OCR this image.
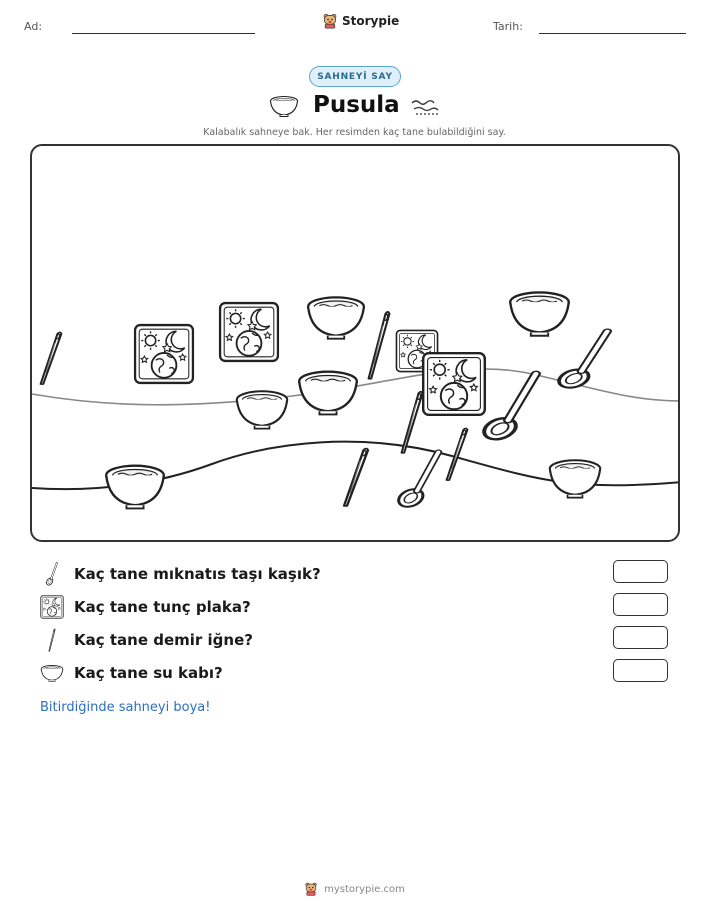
Ad:	Storypie	Tarih:
SAHNEYİ SAY
Pusula
Kalabalık sahneye bak. Her resimden kaç tane bulabildiğini say.
Kaç tane mıknatıs taşı kaşık?
Kaç tane tunç plaka?
Kaç tane demir iğne?
Kaç tane su kabı?
Bitirdiğinde sahneyi boya!
mystorypie.com
